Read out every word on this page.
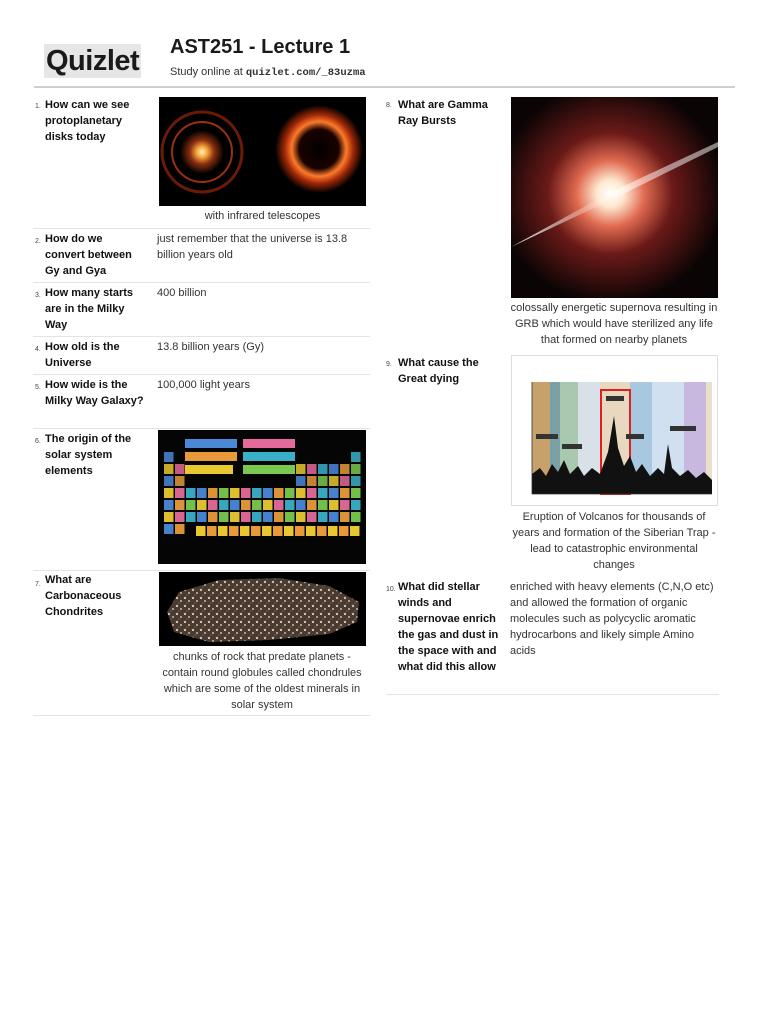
Quizlet AST251 - Lecture 1
Study online at quizlet.com/_83uzma
1. How can we see protoplanetary disks today
with infrared telescopes
2. How do we convert between Gy and Gya
just remember that the universe is 13.8 billion years old
3. How many starts are in the Milky Way
400 billion
4. How old is the Universe
13.8 billion years (Gy)
5. How wide is the Milky Way Galaxy?
100,000 light years
6. The origin of the solar system elements
7. What are Carbonaceous Chondrites
chunks of rock that predate planets - contain round globules called chondrules which are some of the oldest minerals in solar system
8. What are Gamma Ray Bursts
colossally energetic supernova resulting in GRB which would have sterilized any life that formed on nearby planets
9. What cause the Great dying
Eruption of Volcanos for thousands of years and formation of the Siberian Trap - lead to catastrophic environmental changes
10. What did stellar winds and supernovae enrich the gas and dust in the space with and what did this allow
enriched with heavy elements (C,N,O etc) and allowed the formation of organic molecules such as polycyclic aromatic hydrocarbons and likely simple Amino acids
